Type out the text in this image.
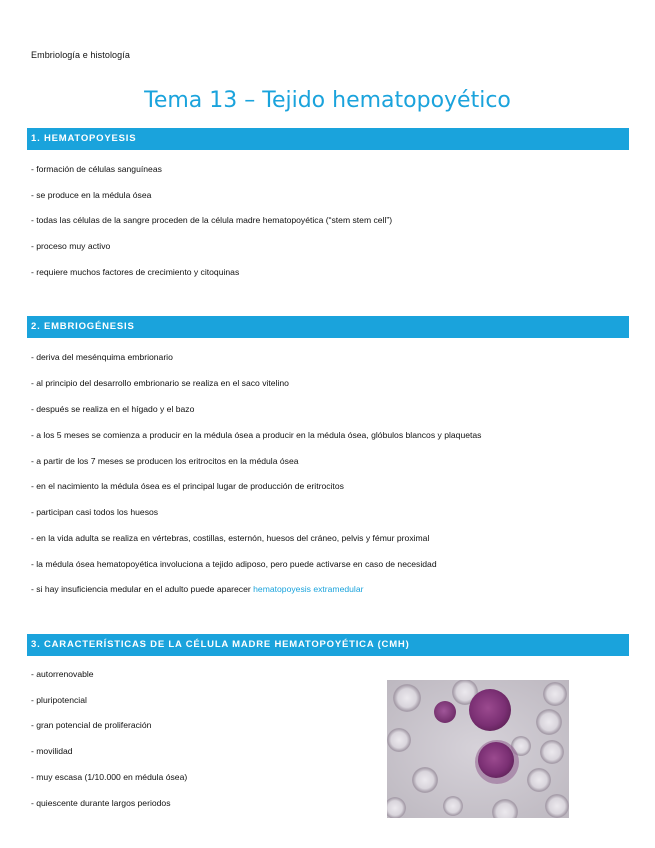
Embriología e histología
Tema 13 – Tejido hematopoyético
1. HEMATOPOYESIS
- formación de células sanguíneas
- se produce en la médula ósea
- todas las células de la sangre proceden de la célula madre hematopoyética (“stem stem cell”)
- proceso muy activo
- requiere muchos factores de crecimiento y citoquinas
2. EMBRIOGÉNESIS
- deriva del mesénquima embrionario
- al principio del desarrollo embrionario se realiza en el saco vitelino
- después se realiza en el hígado y el bazo
- a los 5 meses se comienza a producir en la médula ósea a producir en la médula ósea, glóbulos blancos y plaquetas
- a partir de los 7 meses se producen los eritrocitos en la médula ósea
- en el nacimiento la médula ósea es el principal lugar de producción de eritrocitos
- participan casi todos los huesos
- en la vida adulta se realiza en vértebras, costillas, esternón, huesos del cráneo, pelvis y fémur proximal
- la médula ósea hematopoyética involuciona a tejido adiposo, pero puede activarse en caso de necesidad
- si hay insuficiencia medular en el adulto puede aparecer hematopoyesis extramedular
3. CARACTERÍSTICAS DE LA CÉLULA MADRE HEMATOPOYÉTICA (CMH)
- autorrenovable
- pluripotencial
- gran potencial de proliferación
- movilidad
- muy escasa (1/10.000 en médula ósea)
- quiescente durante largos periodos
